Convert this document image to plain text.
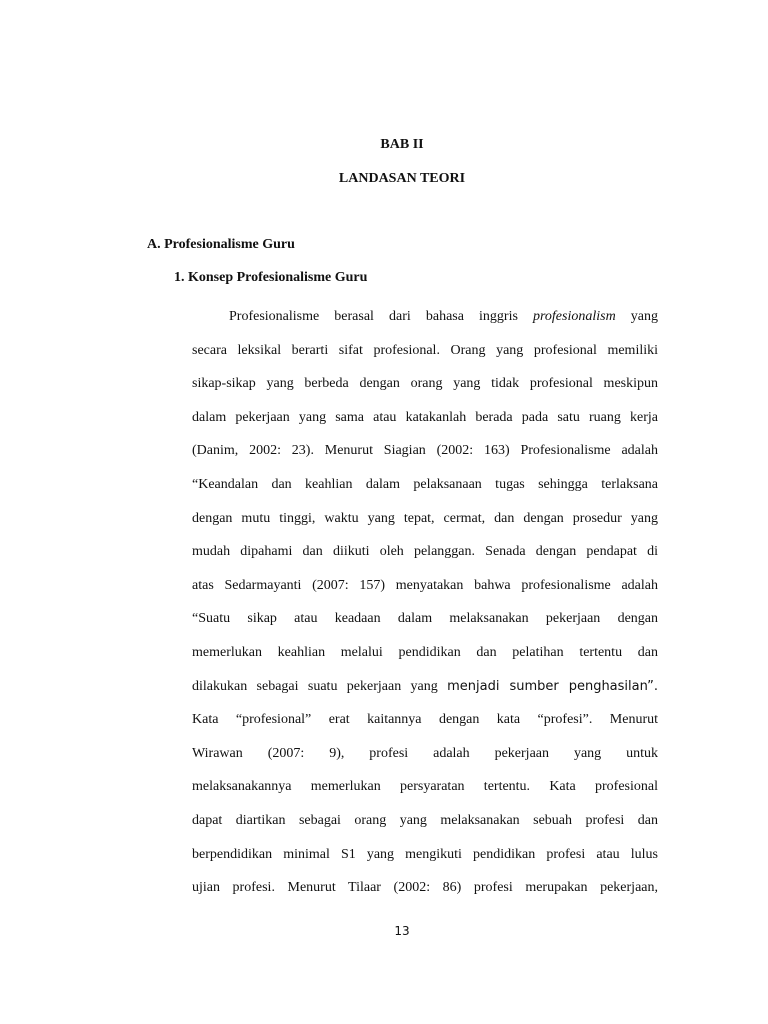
BAB II
LANDASAN TEORI
A. Profesionalisme Guru
1. Konsep Profesionalisme Guru
Profesionalisme berasal dari bahasa inggris profesionalism yang
secara leksikal berarti sifat profesional. Orang yang profesional memiliki
sikap-sikap yang berbeda dengan orang yang tidak profesional meskipun
dalam pekerjaan yang sama atau katakanlah berada pada satu ruang kerja
(Danim, 2002: 23). Menurut Siagian (2002: 163) Profesionalisme adalah
“Keandalan dan keahlian dalam pelaksanaan tugas sehingga terlaksana
dengan mutu tinggi, waktu yang tepat, cermat, dan dengan prosedur yang
mudah dipahami dan diikuti oleh pelanggan. Senada dengan pendapat di
atas Sedarmayanti (2007: 157) menyatakan bahwa profesionalisme adalah
“Suatu sikap atau keadaan dalam melaksanakan pekerjaan dengan
memerlukan keahlian melalui pendidikan dan pelatihan tertentu dan
dilakukan sebagai suatu pekerjaan yang menjadi sumber penghasilan”.
Kata “profesional” erat kaitannya dengan kata “profesi”. Menurut
Wirawan (2007: 9), profesi adalah pekerjaan yang untuk
melaksanakannya memerlukan persyaratan tertentu. Kata profesional
dapat diartikan sebagai orang yang melaksanakan sebuah profesi dan
berpendidikan minimal S1 yang mengikuti pendidikan profesi atau lulus
ujian profesi. Menurut Tilaar (2002: 86) profesi merupakan pekerjaan,
13
